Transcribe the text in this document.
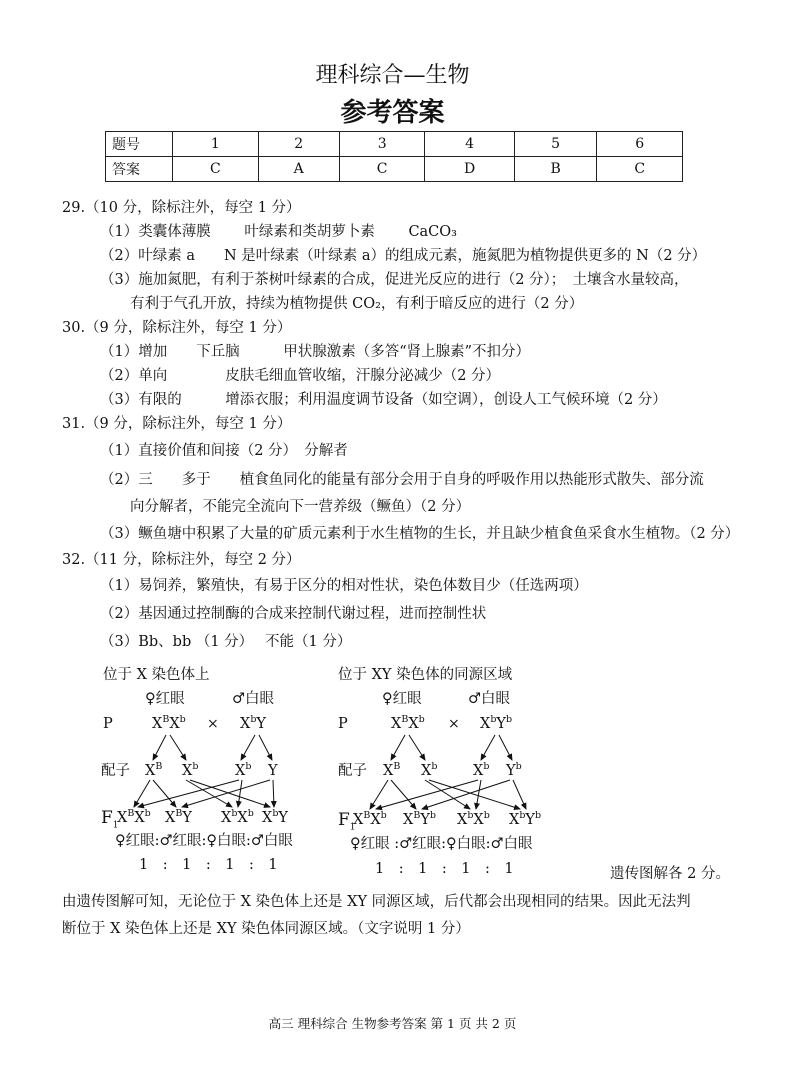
理科综合—生物
参考答案
题号	1	2	3	4	5	6
答案	C	A	C	D	B	C
29.（10 分，除标注外，每空 1 分）
（1）类囊体薄膜　　 叶绿素和类胡萝卜素　　 CaCO₃
（2）叶绿素 a　　N 是叶绿素（叶绿素 a）的组成元素，施氮肥为植物提供更多的 N（2 分）
（3）施加氮肥，有利于茶树叶绿素的合成，促进光反应的进行（2 分）；　土壤含水量较高，
有利于气孔开放，持续为植物提供 CO₂，有利于暗反应的进行（2 分）
30.（9 分，除标注外，每空 1 分）
（1）增加　　下丘脑　　　甲状腺激素（多答“肾上腺素”不扣分）
（2）单向　　　　皮肤毛细血管收缩，汗腺分泌减少（2 分）
（3）有限的　　　增添衣服；利用温度调节设备（如空调），创设人工气候环境（2 分）
31.（9 分，除标注外，每空 1 分）
（1）直接价值和间接（2 分）　分解者
（2）三　　多于　　植食鱼同化的能量有部分会用于自身的呼吸作用以热能形式散失、部分流
向分解者，不能完全流向下一营养级（鳜鱼）（2 分）
（3）鳜鱼塘中积累了大量的矿质元素利于水生植物的生长，并且缺少植食鱼采食水生植物。（2 分）
32.（11 分，除标注外，每空 2 分）
（1）易饲养，繁殖快，有易于区分的相对性状，染色体数目少（任选两项）
（2）基因通过控制酶的合成来控制代谢过程，进而控制性状
（3）Bb、bb （1 分）　 不能（1 分）
位于 X 染色体上
♀红眼	♂白眼
P	$X^BX^b \times X^bY$
配子 $X^B$ $X^b$	$X^b$ Y
$F_1$
$X^BX^b$ $X^BY$ $X^bX^b$ $X^bY$
♀红眼:♂红眼:♀白眼:♂白眼
1　:　1　:　1　:　1
位于 XY 染色体的同源区域
♀红眼	♂白眼
P	$X^BX^b \times X^bY^b$
配子 $X^B$ $X^b$ $X^b$ $Y^b$
$F_1$
$X^BX^b$ $X^BY^b$ $X^bX^b$ $X^bY^b$
♀红眼 :♂红眼:♀白眼:♂白眼
1　:　1　:　1　:　1	遗传图解各 2 分。
由遗传图解可知，无论位于 X 染色体上还是 XY 同源区域，后代都会出现相同的结果。因此无法判
断位于 X 染色体上还是 XY 染色体同源区域。（文字说明 1 分）
高三 理科综合 生物参考答案 第 1 页 共 2 页
